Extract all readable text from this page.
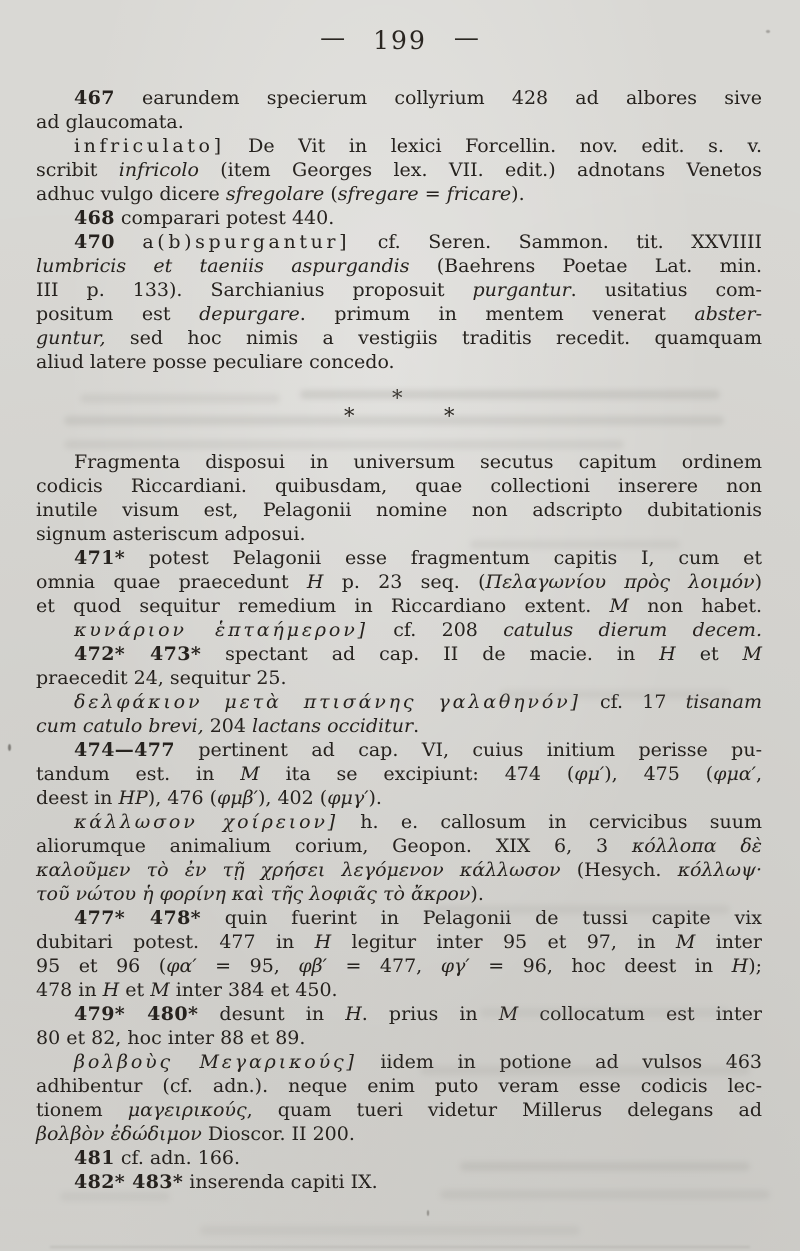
— 199 —
467 earundem specierum collyrium 428 ad albores sive
ad glaucomata.
infriculato] De Vit in lexici Forcellin. nov. edit. s. v.
scribit infricolo (item Georges lex. VII. edit.) adnotans Venetos
adhuc vulgo dicere sfregolare (sfregare = fricare).
468 comparari potest 440.
470 a(b)spurgantur] cf. Seren. Sammon. tit. XXVIIII
lumbricis et taeniis aspurgandis (Baehrens Poetae Lat. min.
III p. 133). Sarchianius proposuit purgantur. usitatius com-
positum est depurgare. primum in mentem venerat abster-
guntur, sed hoc nimis a vestigiis traditis recedit. quamquam
aliud latere posse peculiare concedo.
*
*	*
Fragmenta disposui in universum secutus capitum ordinem
codicis Riccardiani. quibusdam, quae collectioni inserere non
inutile visum est, Pelagonii nomine non adscripto dubitationis
signum asteriscum adposui.
471* potest Pelagonii esse fragmentum capitis I, cum et
omnia quae praecedunt H p. 23 seq. (Πελαγωνίου πρὸς λοιμόν)
et quod sequitur remedium in Riccardiano extent. M non habet.
κυνάριον ἑπταήμερον] cf. 208 catulus dierum decem.
472* 473* spectant ad cap. II de macie. in H et M
praecedit 24, sequitur 25.
δελφάκιον μετὰ πτισάνης γαλαθηνόν] cf. 17 tisanam
cum catulo brevi, 204 lactans occiditur.
474—477 pertinent ad cap. VI, cuius initium perisse pu-
tandum est. in M ita se excipiunt: 474 (φμ′), 475 (φμα′,
deest in HP), 476 (φμβ′), 402 (φμγ′).
κάλλωσον χοίρειον] h. e. callosum in cervicibus suum
aliorumque animalium corium, Geopon. XIX 6, 3 κόλλοπα δὲ
καλοῦμεν τὸ ἐν τῇ χρήσει λεγόμενον κάλλωσον (Hesych. κόλλωψ·
τοῦ νώτου ἡ φορίνη καὶ τῆς λοφιᾶς τὸ ἄκρον).
477* 478* quin fuerint in Pelagonii de tussi capite vix
dubitari potest. 477 in H legitur inter 95 et 97, in M inter
95 et 96 (φα′ = 95, φβ′ = 477, φγ′ = 96, hoc deest in H);
478 in H et M inter 384 et 450.
479* 480* desunt in H. prius in M collocatum est inter
80 et 82, hoc inter 88 et 89.
βολβοὺς Μεγαρικούς] iidem in potione ad vulsos 463
adhibentur (cf. adn.). neque enim puto veram esse codicis lec-
tionem μαγειρικούς, quam tueri videtur Millerus delegans ad
βολβὸν ἐδώδιμον Dioscor. II 200.
481 cf. adn. 166.
482* 483* inserenda capiti IX.
